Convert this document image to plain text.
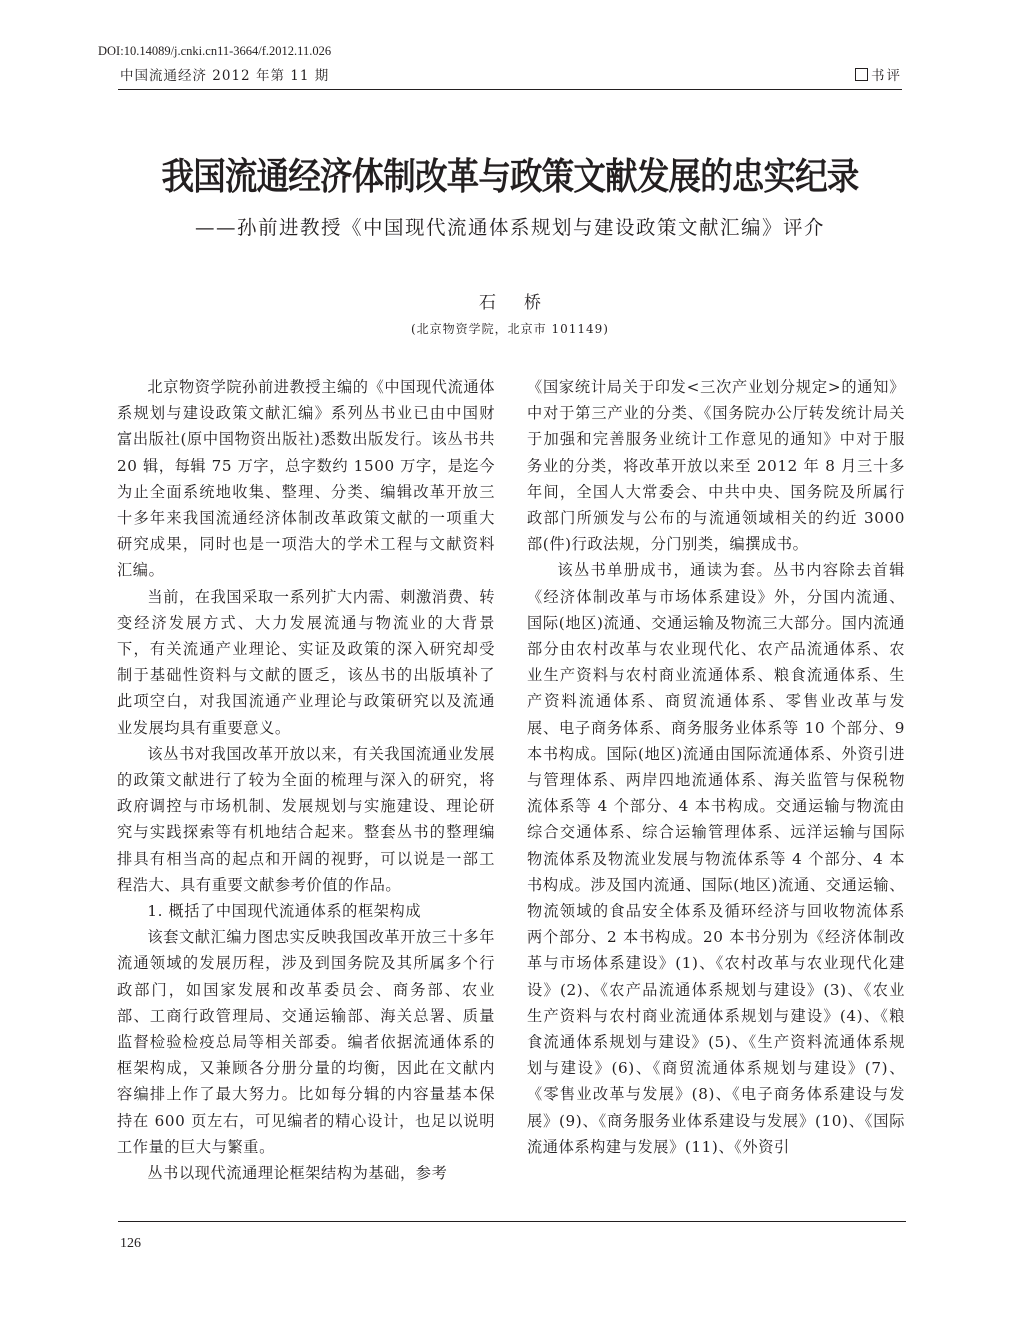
DOI:10.14089/j.cnki.cn11-3664/f.2012.11.026
中国流通经济 2012 年第 11 期	书评
我国流通经济体制改革与政策文献发展的忠实纪录
——孙前进教授《中国现代流通体系规划与建设政策文献汇编》评介
石桥
(北京物资学院，北京市 101149)

北京物资学院孙前进教授主编的《中国现代流通体系规划与建设政策文献汇编》系列丛书业已由中国财富出版社(原中国物资出版社)悉数出版发行。该丛书共 20 辑，每辑 75 万字，总字数约 1500 万字，是迄今为止全面系统地收集、整理、分类、编辑改革开放三十多年来我国流通经济体制改革政策文献的一项重大研究成果，同时也是一项浩大的学术工程与文献资料汇编。

当前，在我国采取一系列扩大内需、刺激消费、转变经济发展方式、大力发展流通与物流业的大背景下，有关流通产业理论、实证及政策的深入研究却受制于基础性资料与文献的匮乏，该丛书的出版填补了此项空白，对我国流通产业理论与政策研究以及流通业发展均具有重要意义。

该丛书对我国改革开放以来，有关我国流通业发展的政策文献进行了较为全面的梳理与深入的研究，将政府调控与市场机制、发展规划与实施建设、理论研究与实践探索等有机地结合起来。整套丛书的整理编排具有相当高的起点和开阔的视野，可以说是一部工程浩大、具有重要文献参考价值的作品。

1. 概括了中国现代流通体系的框架构成

该套文献汇编力图忠实反映我国改革开放三十多年流通领域的发展历程，涉及到国务院及其所属多个行政部门，如国家发展和改革委员会、商务部、农业部、工商行政管理局、交通运输部、海关总署、质量监督检验检疫总局等相关部委。编者依据流通体系的框架构成，又兼顾各分册分量的均衡，因此在文献内容编排上作了最大努力。比如每分辑的内容量基本保持在 600 页左右，可见编者的精心设计，也足以说明工作量的巨大与繁重。

丛书以现代流通理论框架结构为基础，参考

《国家统计局关于印发<三次产业划分规定>的通知》中对于第三产业的分类、《国务院办公厅转发统计局关于加强和完善服务业统计工作意见的通知》中对于服务业的分类，将改革开放以来至 2012 年 8 月三十多年间，全国人大常委会、中共中央、国务院及所属行政部门所颁发与公布的与流通领域相关的约近 3000 部(件)行政法规，分门别类，编撰成书。

该丛书单册成书，通读为套。丛书内容除去首辑《经济体制改革与市场体系建设》外，分国内流通、国际(地区)流通、交通运输及物流三大部分。国内流通部分由农村改革与农业现代化、农产品流通体系、农业生产资料与农村商业流通体系、粮食流通体系、生产资料流通体系、商贸流通体系、零售业改革与发展、电子商务体系、商务服务业体系等 10 个部分、9 本书构成。国际(地区)流通由国际流通体系、外资引进与管理体系、两岸四地流通体系、海关监管与保税物流体系等 4 个部分、4 本书构成。交通运输与物流由综合交通体系、综合运输管理体系、远洋运输与国际物流体系及物流业发展与物流体系等 4 个部分、4 本书构成。涉及国内流通、国际(地区)流通、交通运输、物流领域的食品安全体系及循环经济与回收物流体系两个部分、2 本书构成。20 本书分别为《经济体制改革与市场体系建设》(1)、《农村改革与农业现代化建设》(2)、《农产品流通体系规划与建设》(3)、《农业生产资料与农村商业流通体系规划与建设》(4)、《粮食流通体系规划与建设》(5)、《生产资料流通体系规划与建设》(6)、《商贸流通体系规划与建设》(7)、《零售业改革与发展》(8)、《电子商务体系建设与发展》(9)、《商务服务业体系建设与发展》(10)、《国际流通体系构建与发展》(11)、《外资引

126
